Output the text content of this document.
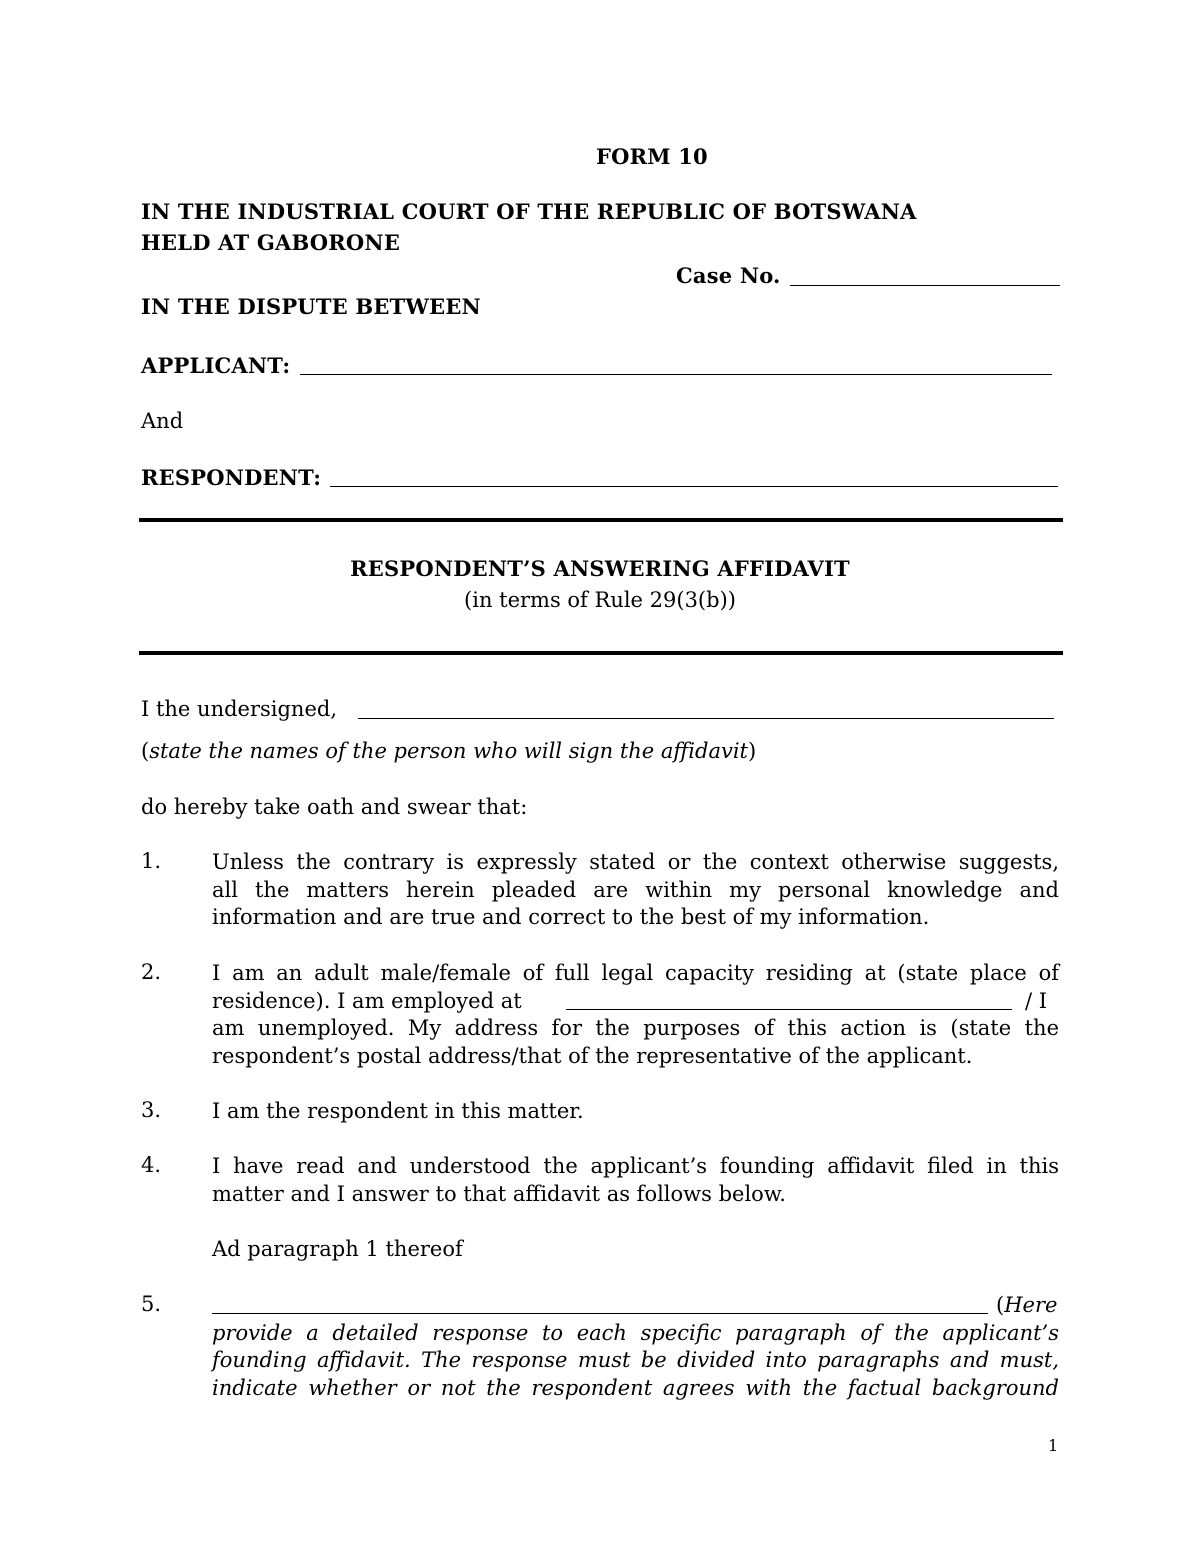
FORM 10
IN THE INDUSTRIAL COURT OF THE REPUBLIC OF BOTSWANA
HELD AT GABORONE
Case No.
IN THE DISPUTE BETWEEN
APPLICANT:
And
RESPONDENT:
RESPONDENT’S ANSWERING AFFIDAVIT
(in terms of Rule 29(3(b))
I the undersigned,
(state the names of the person who will sign the affidavit)
do hereby take oath and swear that:
1. Unless the contrary is expressly stated or the context otherwise suggests,
all the matters herein pleaded are within my personal knowledge and
information and are true and correct to the best of my information.
2. I am an adult male/female of full legal capacity residing at (state place of
residence). I am employed at	/ I
am unemployed. My address for the purposes of this action is (state the
respondent’s postal address/that of the representative of the applicant.
3. I am the respondent in this matter.
4. I have read and understood the applicant’s founding affidavit filed in this
matter and I answer to that affidavit as follows below.
Ad paragraph 1 thereof
5.	(Here
provide a detailed response to each specific paragraph of the applicant’s
founding affidavit. The response must be divided into paragraphs and must,
indicate whether or not the respondent agrees with the factual background
1
